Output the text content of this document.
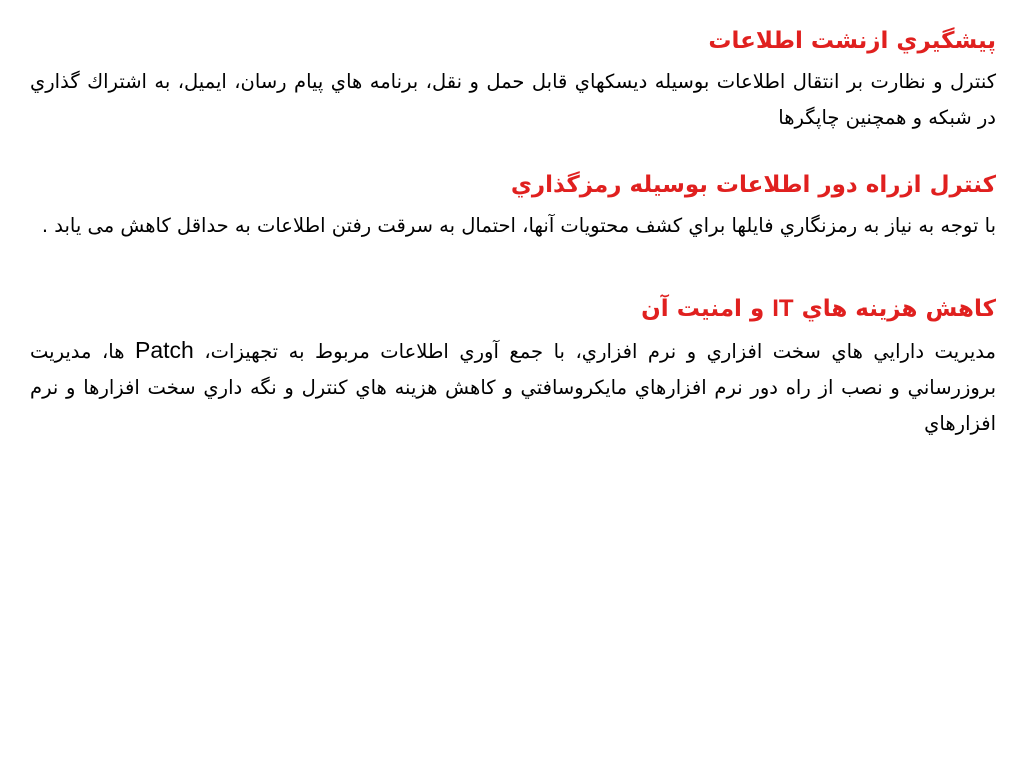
پيشگيري ازنشت اطلاعات

کنترل و نظارت بر انتقال اطلاعات بوسيله ديسکهاي قابل حمل و نقل، برنامه هاي پيام رسان، ايميل، به اشتراك گذاري در شبکه و همچنين چاپگرها

کنترل ازراه دور اطلاعات بوسيله رمزگذاري

با توجه به نياز به رمزنگاري فايلها براي کشف محتويات آنها، احتمال به سرقت رفتن اطلاعات به حداقل کاهش می یابد .

کاهش هزينه هاي IT و امنيت آن

مديريت دارايي هاي سخت افزاري و نرم افزاري، با جمع آوري اطلاعات مربوط به تجهيزات، Patch ها، مديريت بروزرساني و نصب از راه دور نرم افزارهاي مايکروسافتي و کاهش هزينه هاي کنترل و نگه داري سخت افزارها و نرم افزارهاي
